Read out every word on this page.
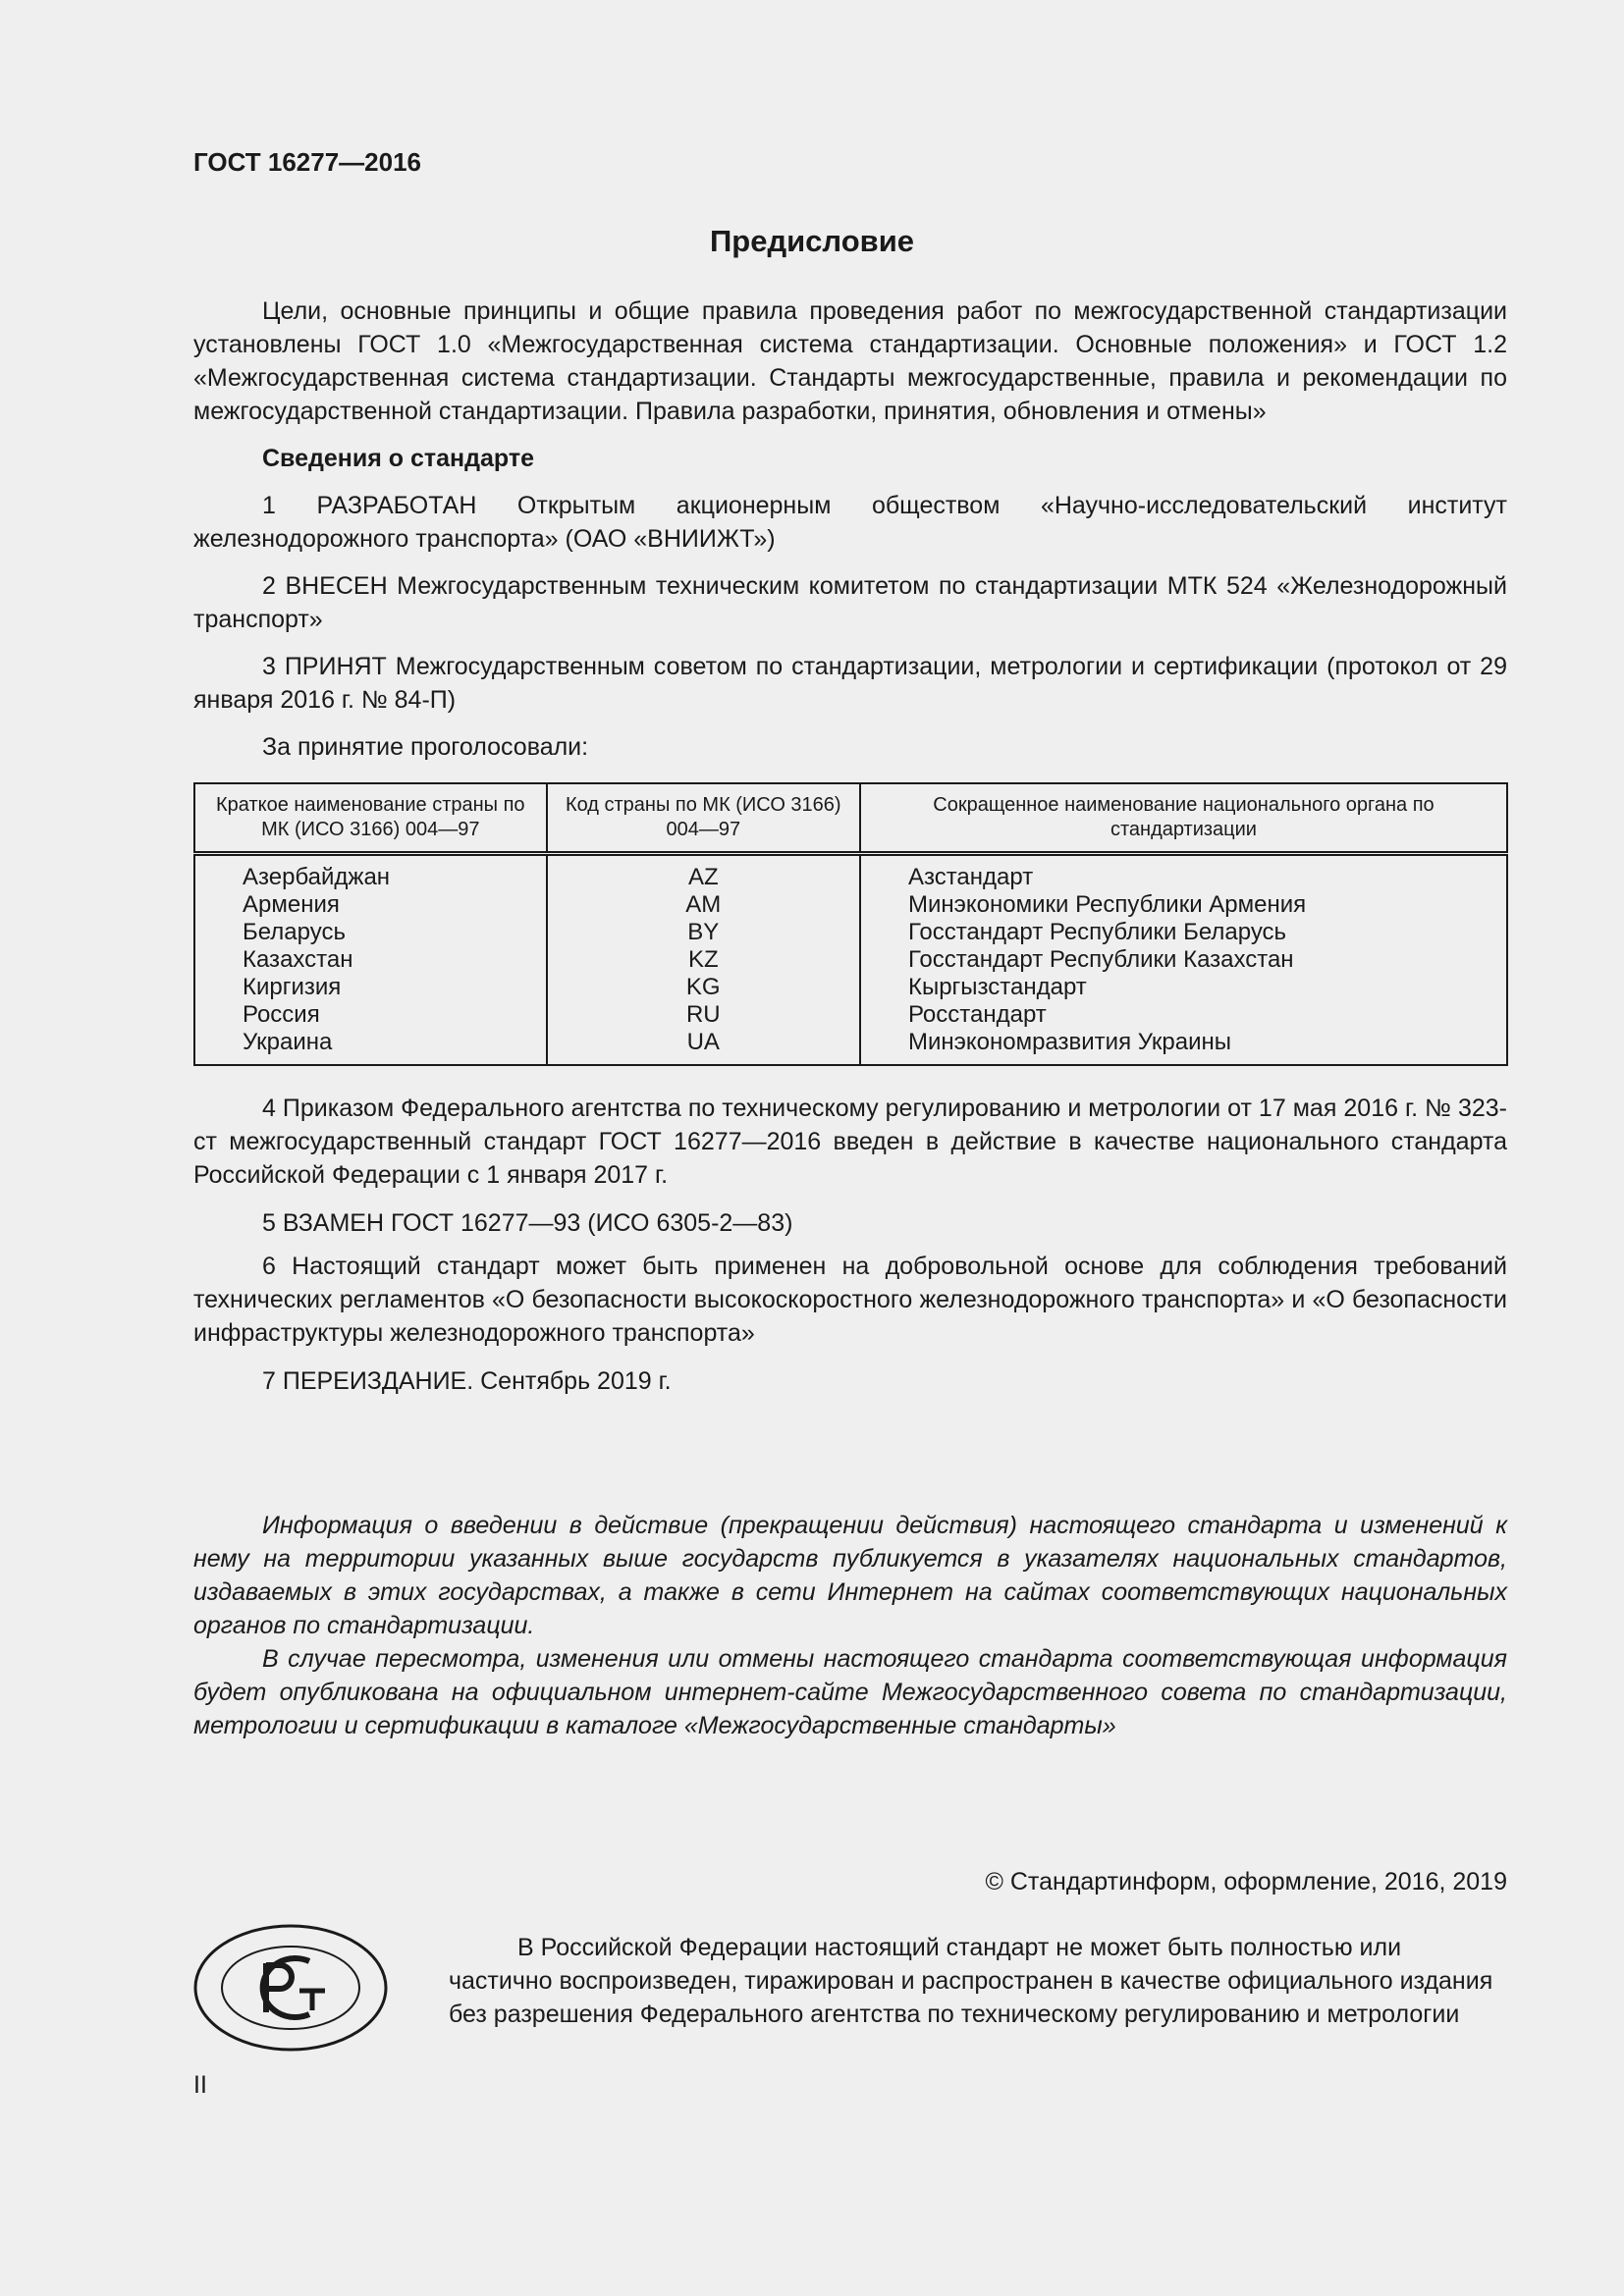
ГОСТ 16277—2016
Предисловие

Цели, основные принципы и общие правила проведения работ по межгосударственной стандартизации установлены ГОСТ 1.0 «Межгосударственная система стандартизации. Основные положения» и ГОСТ 1.2 «Межгосударственная система стандартизации. Стандарты межгосударственные, правила и рекомендации по межгосударственной стандартизации. Правила разработки, принятия, обновления и отмены»

Сведения о стандарте

1 РАЗРАБОТАН Открытым акционерным обществом «Научно-исследовательский институт железнодорожного транспорта» (ОАО «ВНИИЖТ»)

2 ВНЕСЕН Межгосударственным техническим комитетом по стандартизации МТК 524 «Железнодорожный транспорт»

3 ПРИНЯТ Межгосударственным советом по стандартизации, метрологии и сертификации (протокол от 29 января 2016 г. № 84-П)

За принятие проголосовали:

Краткое наименование страны по МК (ИСО 3166) 004—97	Код страны по МК (ИСО 3166) 004—97	Сокращенное наименование национального органа по стандартизации
Азербайджан	AZ	Азстандарт
Армения	AM	Минэкономики Республики Армения
Беларусь	BY	Госстандарт Республики Беларусь
Казахстан	KZ	Госстандарт Республики Казахстан
Киргизия	KG	Кыргызстандарт
Россия	RU	Росстандарт
Украина	UA	Минэкономразвития Украины

4 Приказом Федерального агентства по техническому регулированию и метрологии от 17 мая 2016 г. № 323-ст межгосударственный стандарт ГОСТ 16277—2016 введен в действие в качестве национального стандарта Российской Федерации с 1 января 2017 г.

5 ВЗАМЕН ГОСТ 16277—93 (ИСО 6305-2—83)

6 Настоящий стандарт может быть применен на добровольной основе для соблюдения требований технических регламентов «О безопасности высокоскоростного железнодорожного транспорта» и «О безопасности инфраструктуры железнодорожного транспорта»

7 ПЕРЕИЗДАНИЕ. Сентябрь 2019 г.

Информация о введении в действие (прекращении действия) настоящего стандарта и изменений к нему на территории указанных выше государств публикуется в указателях национальных стандартов, издаваемых в этих государствах, а также в сети Интернет на сайтах соответствующих национальных органов по стандартизации.

В случае пересмотра, изменения или отмены настоящего стандарта соответствующая информация будет опубликована на официальном интернет-сайте Межгосударственного совета по стандартизации, метрологии и сертификации в каталоге «Межгосударственные стандарты»

© Стандартинформ, оформление, 2016, 2019

В Российской Федерации настоящий стандарт не может быть полностью или частично воспроизведен, тиражирован и распространен в качестве официального издания без разрешения Федерального агентства по техническому регулированию и метрологии

II
